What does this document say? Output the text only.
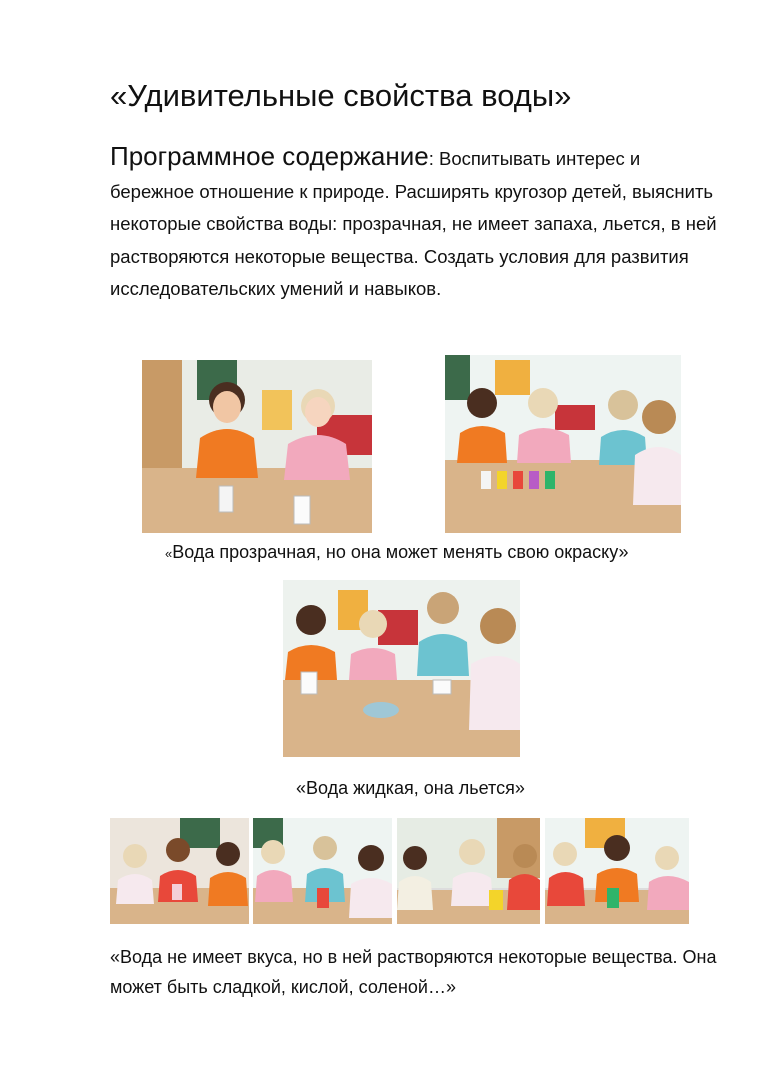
«Удивительные свойства воды»
Программное содержание: Воспитывать интерес и бережное отношение к природе. Расширять кругозор детей, выяснить некоторые свойства воды: прозрачная, не имеет запаха, льется, в ней растворяются некоторые вещества. Создать условия для развития исследовательских умений и навыков.
«Вода прозрачная, но она может менять свою окраску»
«Вода жидкая, она льется»
«Вода не имеет вкуса, но в ней растворяются некоторые вещества. Она может быть сладкой, кислой, соленой…»
